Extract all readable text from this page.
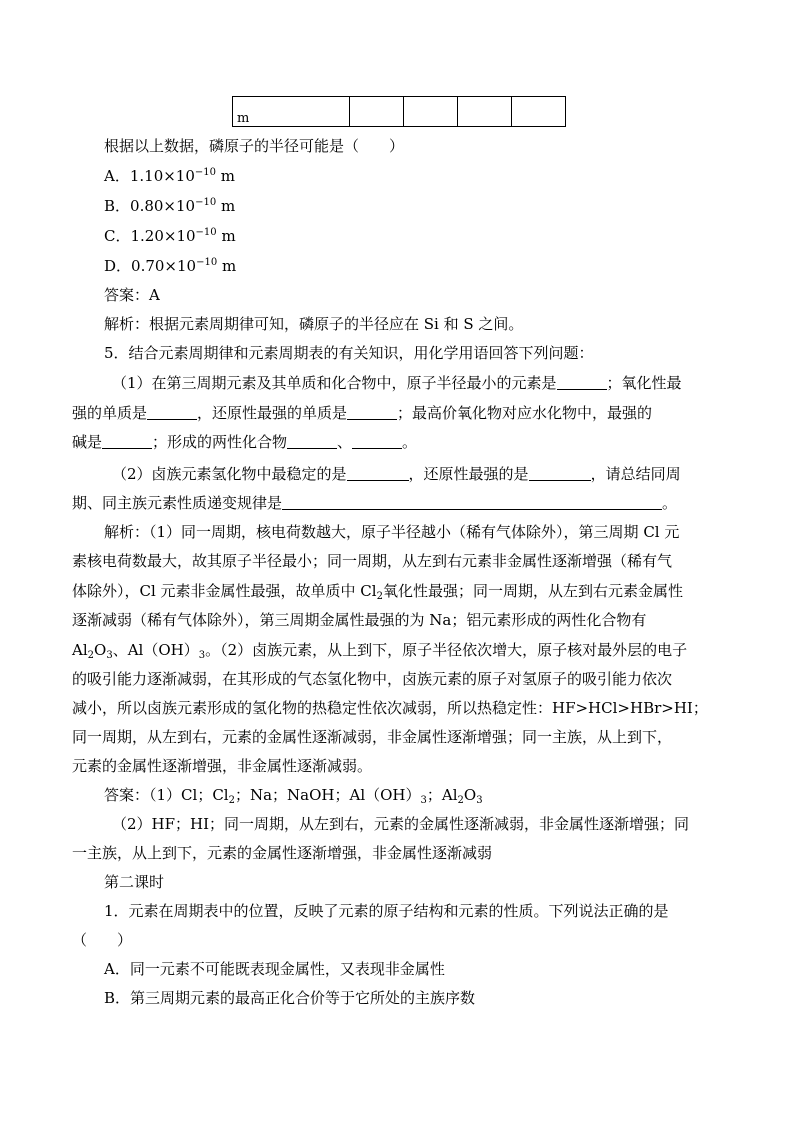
m				
根据以上数据，磷原子的半径可能是（　　）
A．$1.10\times 10^{-10}$ m
B．$0.80\times 10^{-10}$ m
C．$1.20\times 10^{-10}$ m
D．$0.70\times 10^{-10}$ m
答案：A
解析：根据元素周期律可知，磷原子的半径应在 Si 和 S 之间。
5．结合元素周期律和元素周期表的有关知识，用化学用语回答下列问题：
（1）在第三周期元素及其单质和化合物中，原子半径最小的元素是	；氧化性最
强的单质是	，还原性最强的单质是	；最高价氧化物对应水化物中，最强的
碱是	；形成的两性化合物	、	。
（2）卤族元素氢化物中最稳定的是	，还原性最强的是	，请总结同周
期、同主族元素性质递变规律是	。
解析：（1）同一周期，核电荷数越大，原子半径越小（稀有气体除外），第三周期 Cl 元
素核电荷数最大，故其原子半径最小；同一周期，从左到右元素非金属性逐渐增强（稀有气
体除外），Cl 元素非金属性最强，故单质中 $Cl_2$氧化性最强；同一周期，从左到右元素金属性
逐渐减弱（稀有气体除外），第三周期金属性最强的为 Na；铝元素形成的两性化合物有
$Al_2O_3$、$Al(OH)_3$。（2）卤族元素，从上到下，原子半径依次增大，原子核对最外层的电子
的吸引能力逐渐减弱，在其形成的气态氢化物中，卤族元素的原子对氢原子的吸引能力依次
减小，所以卤族元素形成的氢化物的热稳定性依次减弱，所以热稳定性：HF>HCl>HBr>HI；
同一周期，从左到右，元素的金属性逐渐减弱，非金属性逐渐增强；同一主族，从上到下，
元素的金属性逐渐增强，非金属性逐渐减弱。
答案：（1）Cl；$Cl_2$；Na；NaOH；$Al(OH)_3$；$Al_2O_3$
（2）HF；HI；同一周期，从左到右，元素的金属性逐渐减弱，非金属性逐渐增强；同
一主族，从上到下，元素的金属性逐渐增强，非金属性逐渐减弱
第二课时
1．元素在周期表中的位置，反映了元素的原子结构和元素的性质。下列说法正确的是
（　　）
A．同一元素不可能既表现金属性，又表现非金属性
B．第三周期元素的最高正化合价等于它所处的主族序数
